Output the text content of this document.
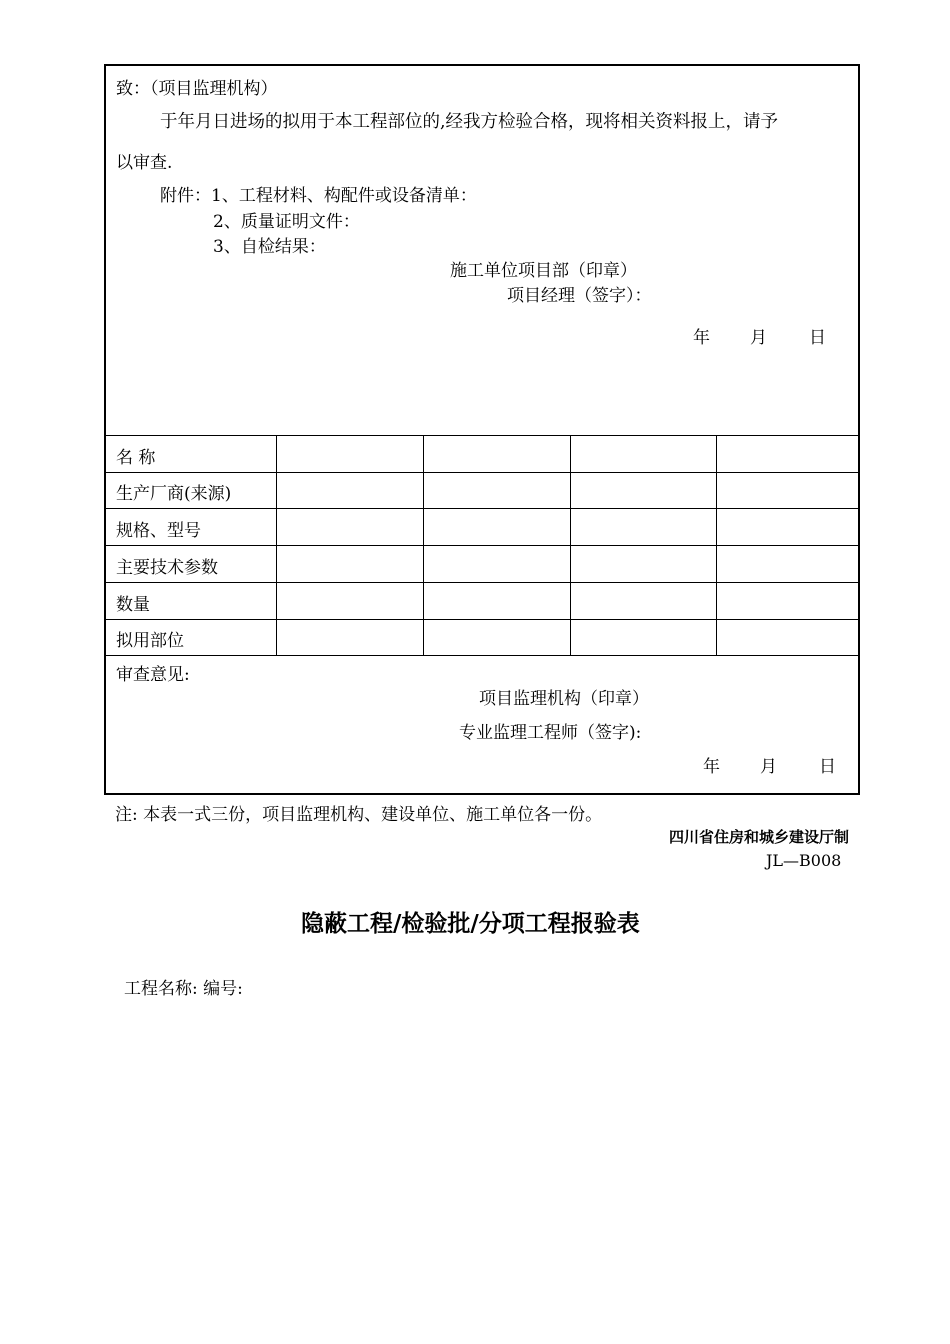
致：（项目监理机构）
于年月日进场的拟用于本工程部位的,经我方检验合格，现将相关资料报上，请予
以审查.
附件：1、工程材料、构配件或设备清单：
2、质量证明文件：
3、自检结果：
施工单位项目部（印章）
项目经理（签字）：
年 月 日
名 称
生产厂商(来源)
规格、型号
主要技术参数
数量
拟用部位
审查意见:
项目监理机构（印章）
专业监理工程师（签字):
年 月 日
注: 本表一式三份，项目监理机构、建设单位、施工单位各一份。
四川省住房和城乡建设厅制
JL—B008
隐蔽工程/检验批/分项工程报验表
工程名称: 编号:
